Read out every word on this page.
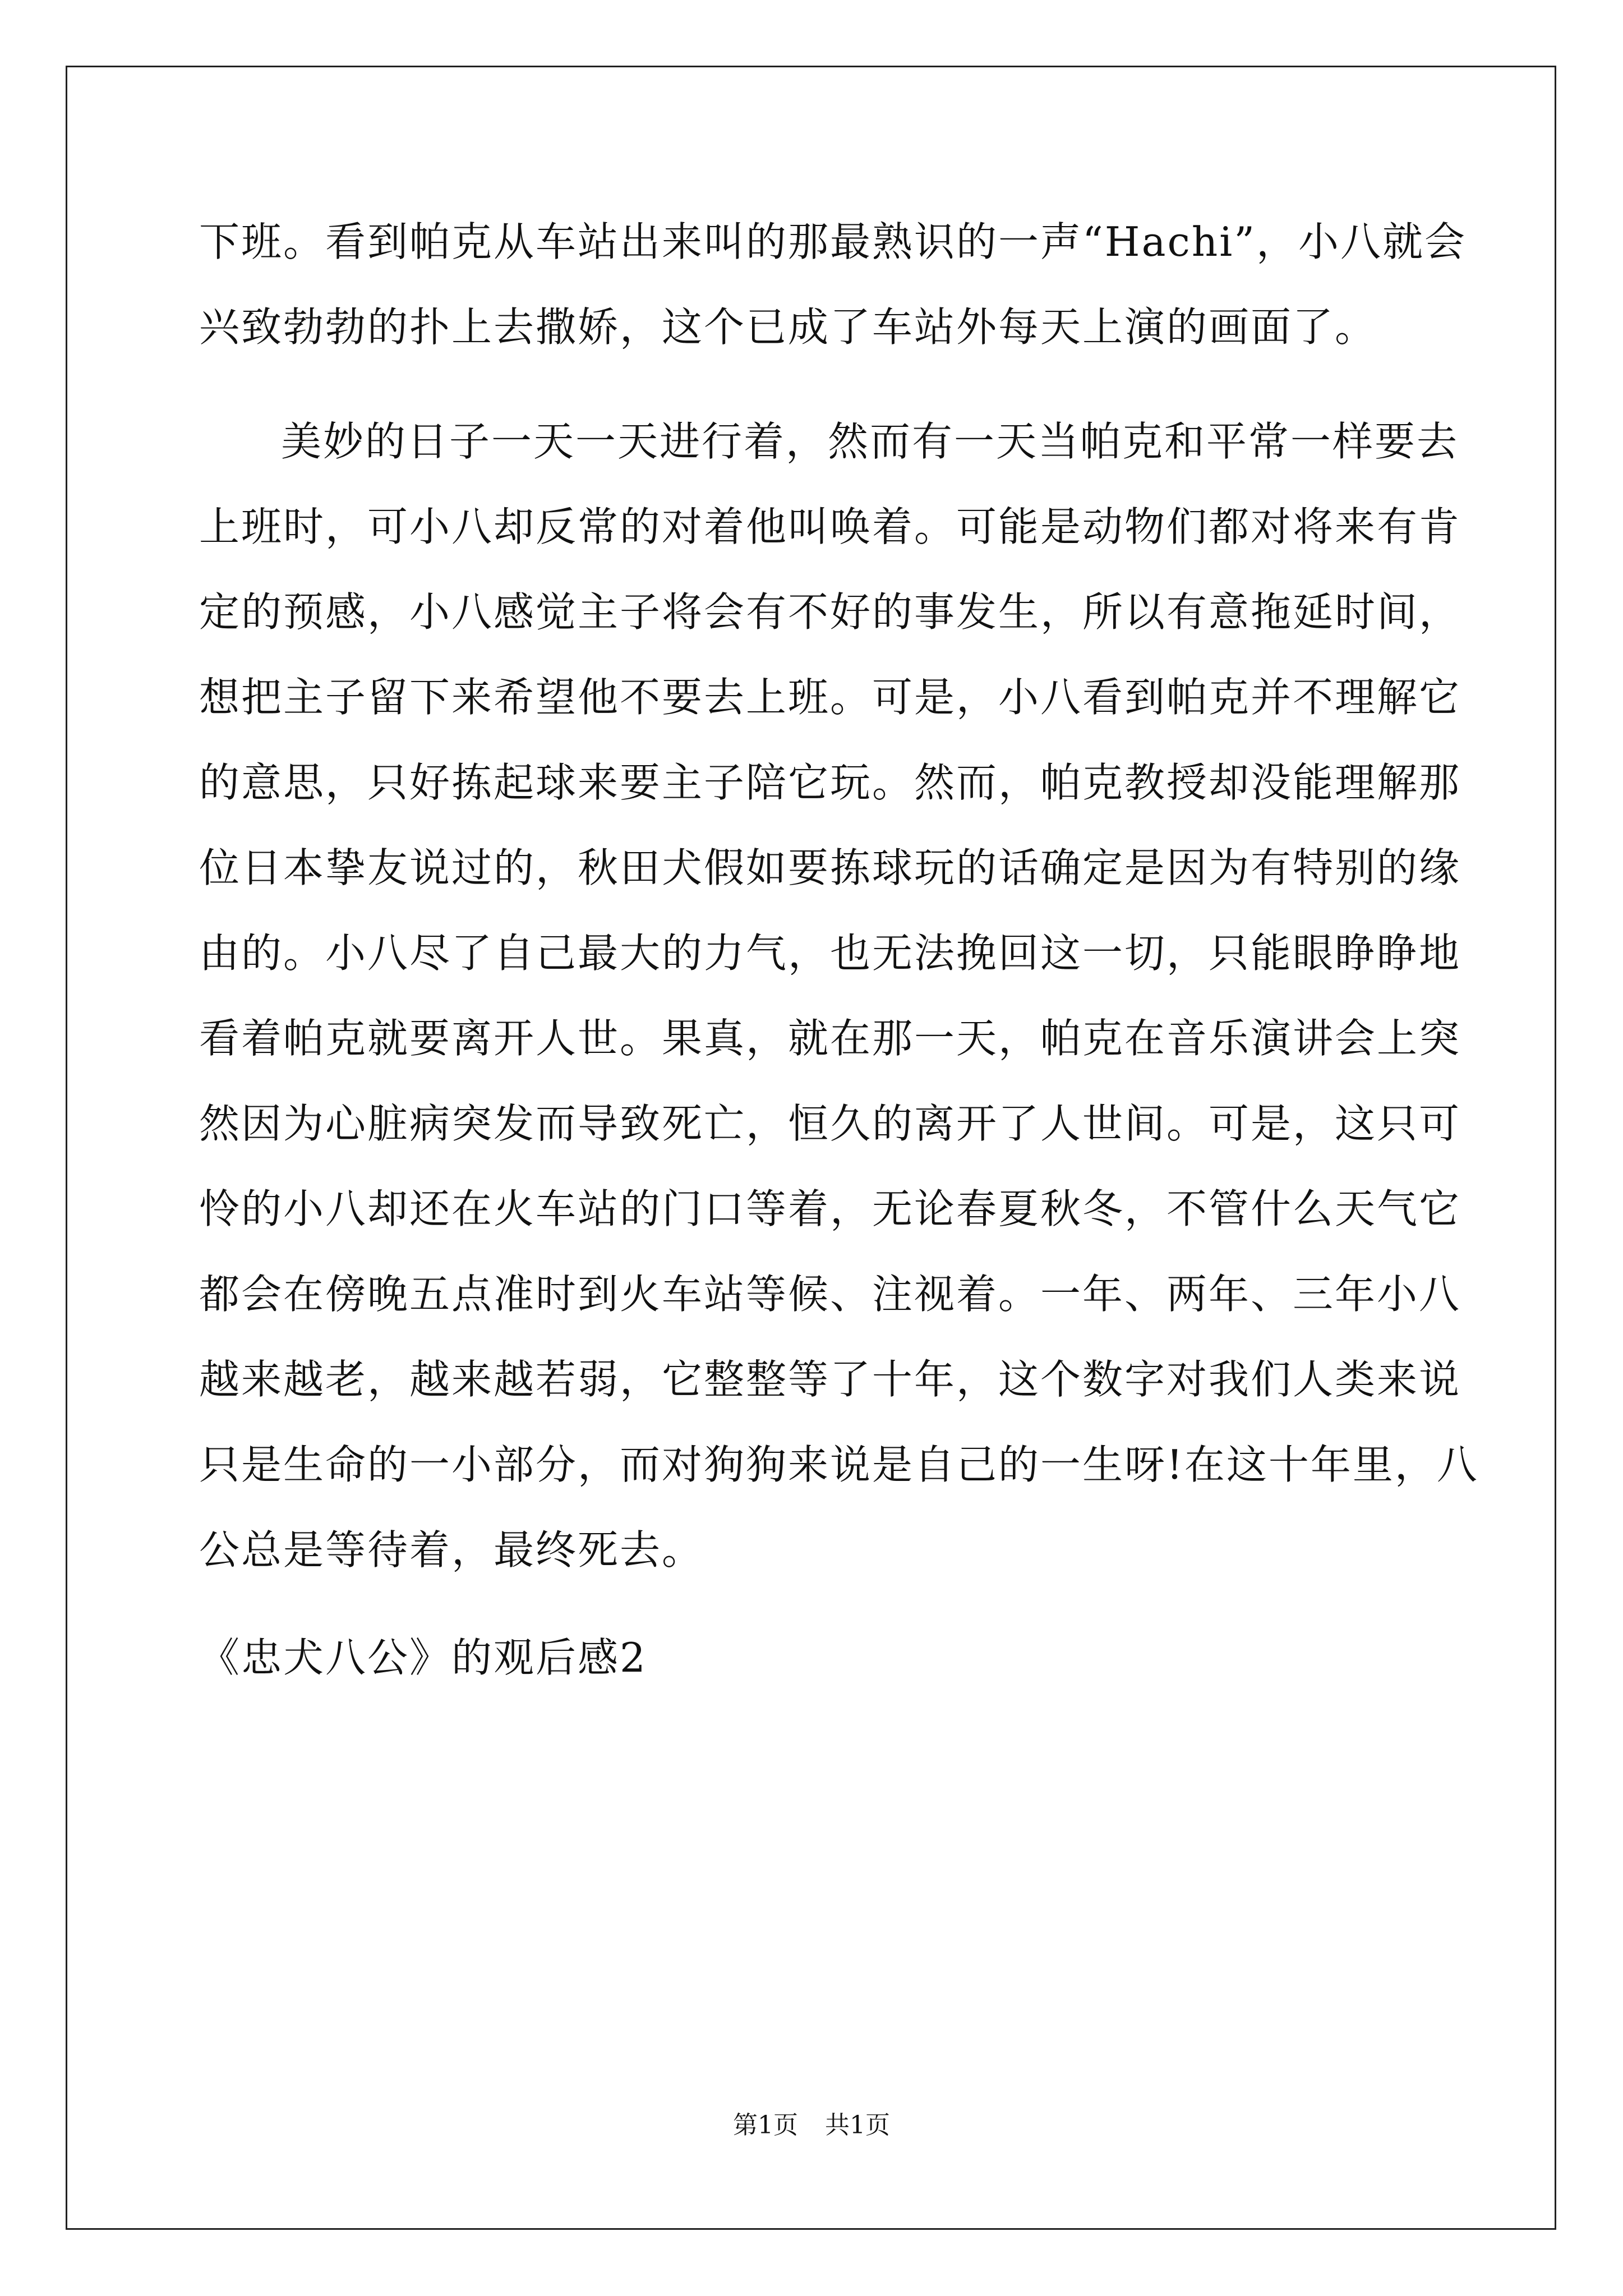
下班。看到帕克从车站出来叫的那最熟识的一声“Hachi”，小八就会
兴致勃勃的扑上去撒娇，这个已成了车站外每天上演的画面了。
美妙的日子一天一天进行着，然而有一天当帕克和平常一样要去
上班时，可小八却反常的对着他叫唤着。可能是动物们都对将来有肯
定的预感，小八感觉主子将会有不好的事发生，所以有意拖延时间，
想把主子留下来希望他不要去上班。可是，小八看到帕克并不理解它
的意思，只好拣起球来要主子陪它玩。然而，帕克教授却没能理解那
位日本挚友说过的，秋田犬假如要拣球玩的话确定是因为有特别的缘
由的。小八尽了自己最大的力气，也无法挽回这一切，只能眼睁睁地
看着帕克就要离开人世。果真，就在那一天，帕克在音乐演讲会上突
然因为心脏病突发而导致死亡，恒久的离开了人世间。可是，这只可
怜的小八却还在火车站的门口等着，无论春夏秋冬，不管什么天气它
都会在傍晚五点准时到火车站等候、注视着。一年、两年、三年小八
越来越老，越来越若弱，它整整等了十年，这个数字对我们人类来说
只是生命的一小部分，而对狗狗来说是自己的一生呀!在这十年里，八
公总是等待着，最终死去。
《忠犬八公》的观后感2
第1页 共1页
